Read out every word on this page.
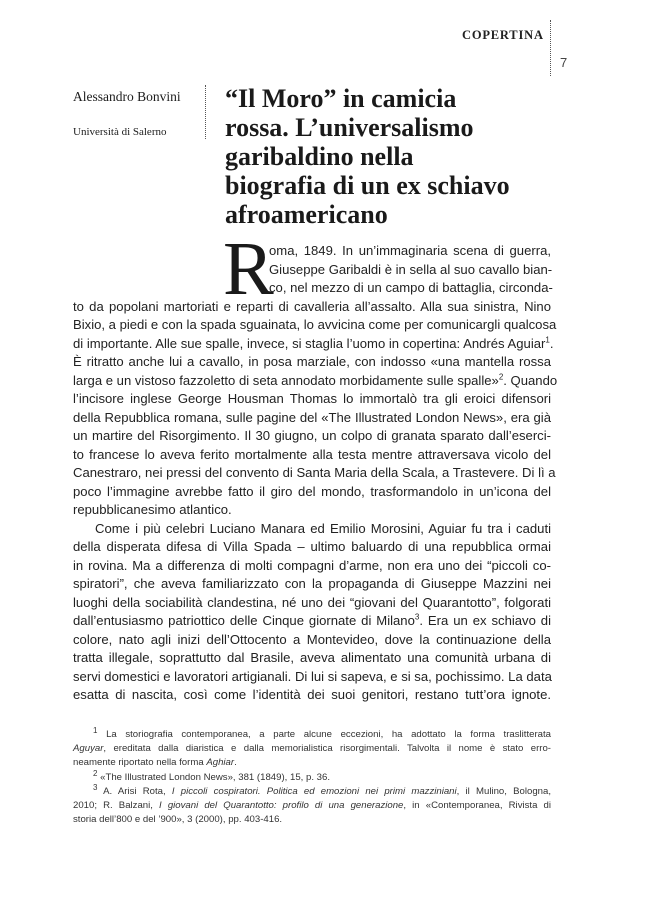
COPERTINA
7
Alessandro Bonvini
Università di Salerno
“Il Moro” in camicia
rossa. L’universalismo
garibaldino nella
biografia di un ex schiavo
afroamericano
R
oma, 1849. In un’immaginaria scena di guerra,
Giuseppe Garibaldi è in sella al suo cavallo bian-
co, nel mezzo di un campo di battaglia, circonda-
to da popolani martoriati e reparti di cavalleria all’assalto. Alla sua sinistra, Nino
Bixio, a piedi e con la spada sguainata, lo avvicina come per comunicargli qualcosa
di importante. Alle sue spalle, invece, si staglia l’uomo in copertina: Andrés Aguiar$^1$.
È ritratto anche lui a cavallo, in posa marziale, con indosso «una mantella rossa
larga e un vistoso fazzoletto di seta annodato morbidamente sulle spalle»$^2$. Quando
l’incisore inglese George Housman Thomas lo immortalò tra gli eroici difensori
della Repubblica romana, sulle pagine del «The Illustrated London News», era già
un martire del Risorgimento. Il 30 giugno, un colpo di granata sparato dall’eserci-
to francese lo aveva ferito mortalmente alla testa mentre attraversava vicolo del
Canestraro, nei pressi del convento di Santa Maria della Scala, a Trastevere. Di lì a
poco l’immagine avrebbe fatto il giro del mondo, trasformandolo in un’icona del
repubblicanesimo atlantico.
Come i più celebri Luciano Manara ed Emilio Morosini, Aguiar fu tra i caduti
della disperata difesa di Villa Spada – ultimo baluardo di una repubblica ormai
in rovina. Ma a differenza di molti compagni d’arme, non era uno dei “piccoli co-
spiratori”, che aveva familiarizzato con la propaganda di Giuseppe Mazzini nei
luoghi della sociabilità clandestina, né uno dei “giovani del Quarantotto”, folgorati
dall’entusiasmo patriottico delle Cinque giornate di Milano$^3$. Era un ex schiavo di
colore, nato agli inizi dell’Ottocento a Montevideo, dove la continuazione della
tratta illegale, soprattutto dal Brasile, aveva alimentato una comunità urbana di
servi domestici e lavoratori artigianali. Di lui si sapeva, e si sa, pochissimo. La data
esatta di nascita, così come l’identità dei suoi genitori, restano tutt’ora ignote.
$^1$ La storiografia contemporanea, a parte alcune eccezioni, ha adottato la forma traslitterata
Aguyar, ereditata dalla diaristica e dalla memorialistica risorgimentali. Talvolta il nome è stato erro-
neamente riportato nella forma Aghiar.
$^2$ «The Illustrated London News», 381 (1849), 15, p. 36.
$^3$ A. Arisi Rota, I piccoli cospiratori. Politica ed emozioni nei primi mazziniani, il Mulino, Bologna,
2010; R. Balzani, I giovani del Quarantotto: profilo di una generazione, in «Contemporanea, Rivista di
storia dell’800 e del ’900», 3 (2000), pp. 403-416.
